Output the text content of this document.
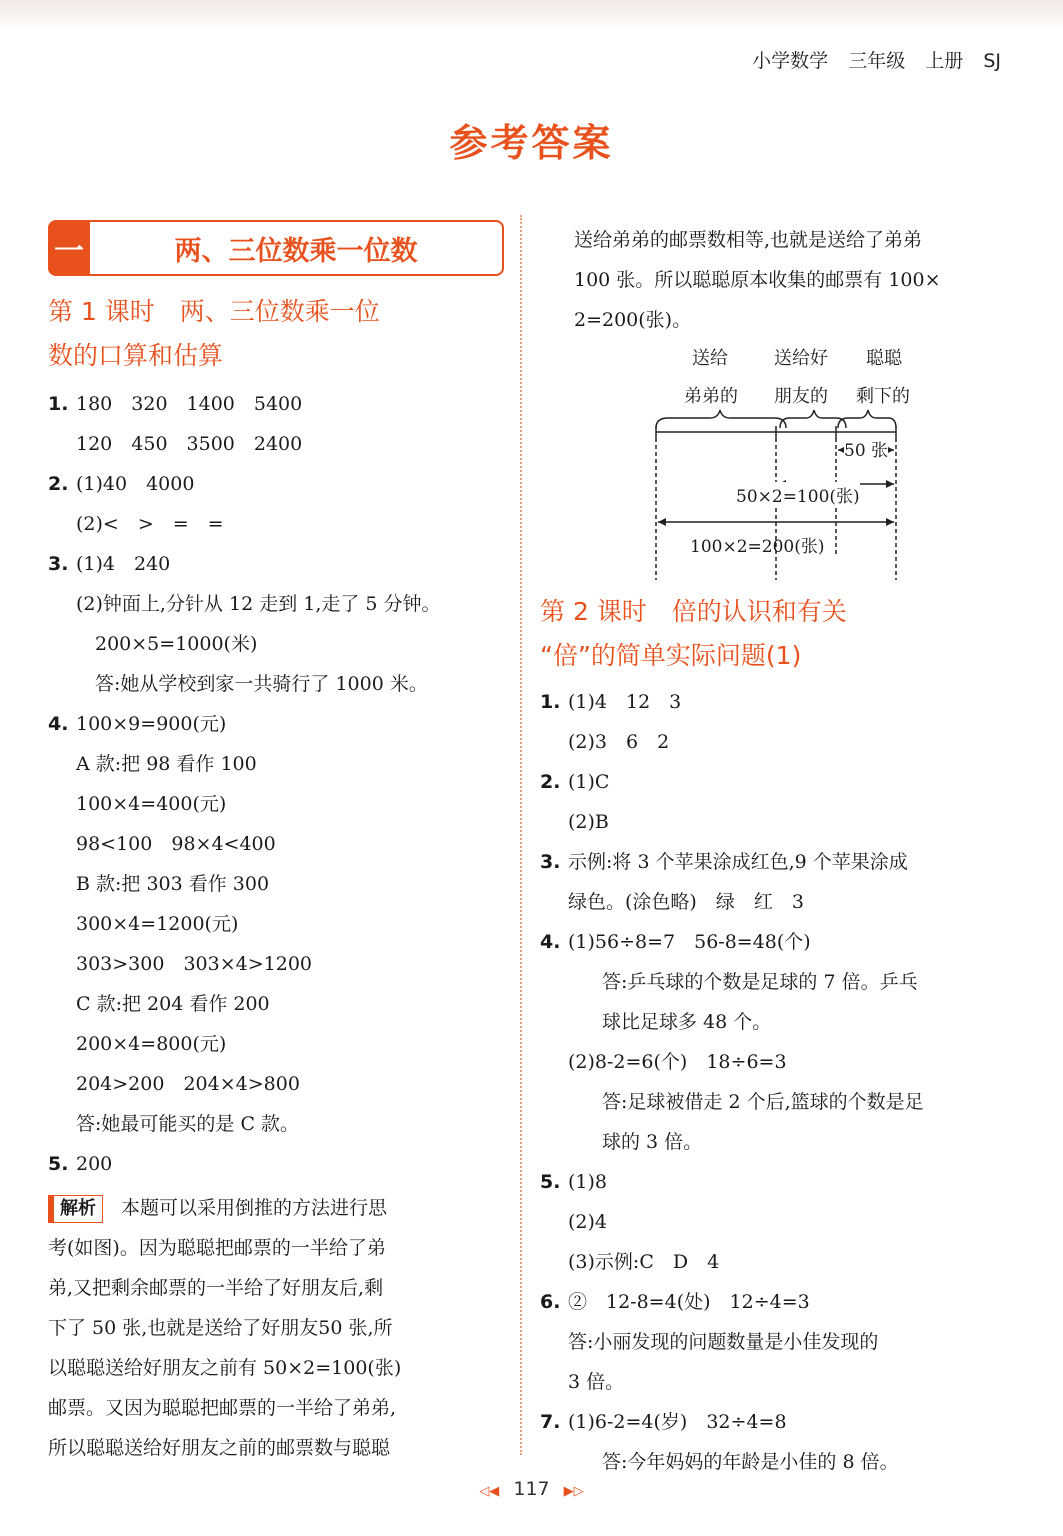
小学数学 三年级 上册 SJ
参考答案
一	两、三位数乘一位数
第 1 课时　两、三位数乘一位
数的口算和估算
1. 180　320　1400　5400
120　450　3500　2400
2. (1)40　4000
(2)<　>　=　=
3. (1)4　240
(2)钟面上,分针从 12 走到 1,走了 5 分钟。
　200×5=1000(米)
　答:她从学校到家一共骑行了 1000 米。
4. 100×9=900(元)
A 款:把 98 看作 100
100×4=400(元)
98<100　98×4<400
B 款:把 303 看作 300
300×4=1200(元)
303>300　303×4>1200
C 款:把 204 看作 200
200×4=800(元)
204>200　204×4>800
答:她最可能买的是 C 款。
5. 200
解析 本题可以采用倒推的方法进行思
考(如图)。因为聪聪把邮票的一半给了弟
弟,又把剩余邮票的一半给了好朋友后,剩
下了 50 张,也就是送给了好朋友50 张,所
以聪聪送给好朋友之前有 50×2=100(张)
邮票。又因为聪聪把邮票的一半给了弟弟,
所以聪聪送给好朋友之前的邮票数与聪聪
送给弟弟的邮票数相等,也就是送给了弟弟
100 张。所以聪聪原本收集的邮票有 100×
2=200(张)。
送给	送给好 聪聪
弟弟的 朋友的 剩下的
50 张
50×2=100(张)
100×2=200(张)
第 2 课时　倍的认识和有关
“倍”的简单实际问题(1)
1. (1)4　12　3
(2)3　6　2
2. (1)C
(2)B
3. 示例:将 3 个苹果涂成红色,9 个苹果涂成
绿色。(涂色略)　绿　红　3
4. (1)56÷8=7　56-8=48(个)
答:乒乓球的个数是足球的 7 倍。乒乓
球比足球多 48 个。
(2)8-2=6(个)　18÷6=3
答:足球被借走 2 个后,篮球的个数是足
球的 3 倍。
5. (1)8
(2)4
(3)示例:C　D　4
6. ②　12-8=4(处)　12÷4=3
答:小丽发现的问题数量是小佳发现的
3 倍。
7. (1)6-2=4(岁)　32÷4=8
答:今年妈妈的年龄是小佳的 8 倍。
◁◀ 117 ▶▷
